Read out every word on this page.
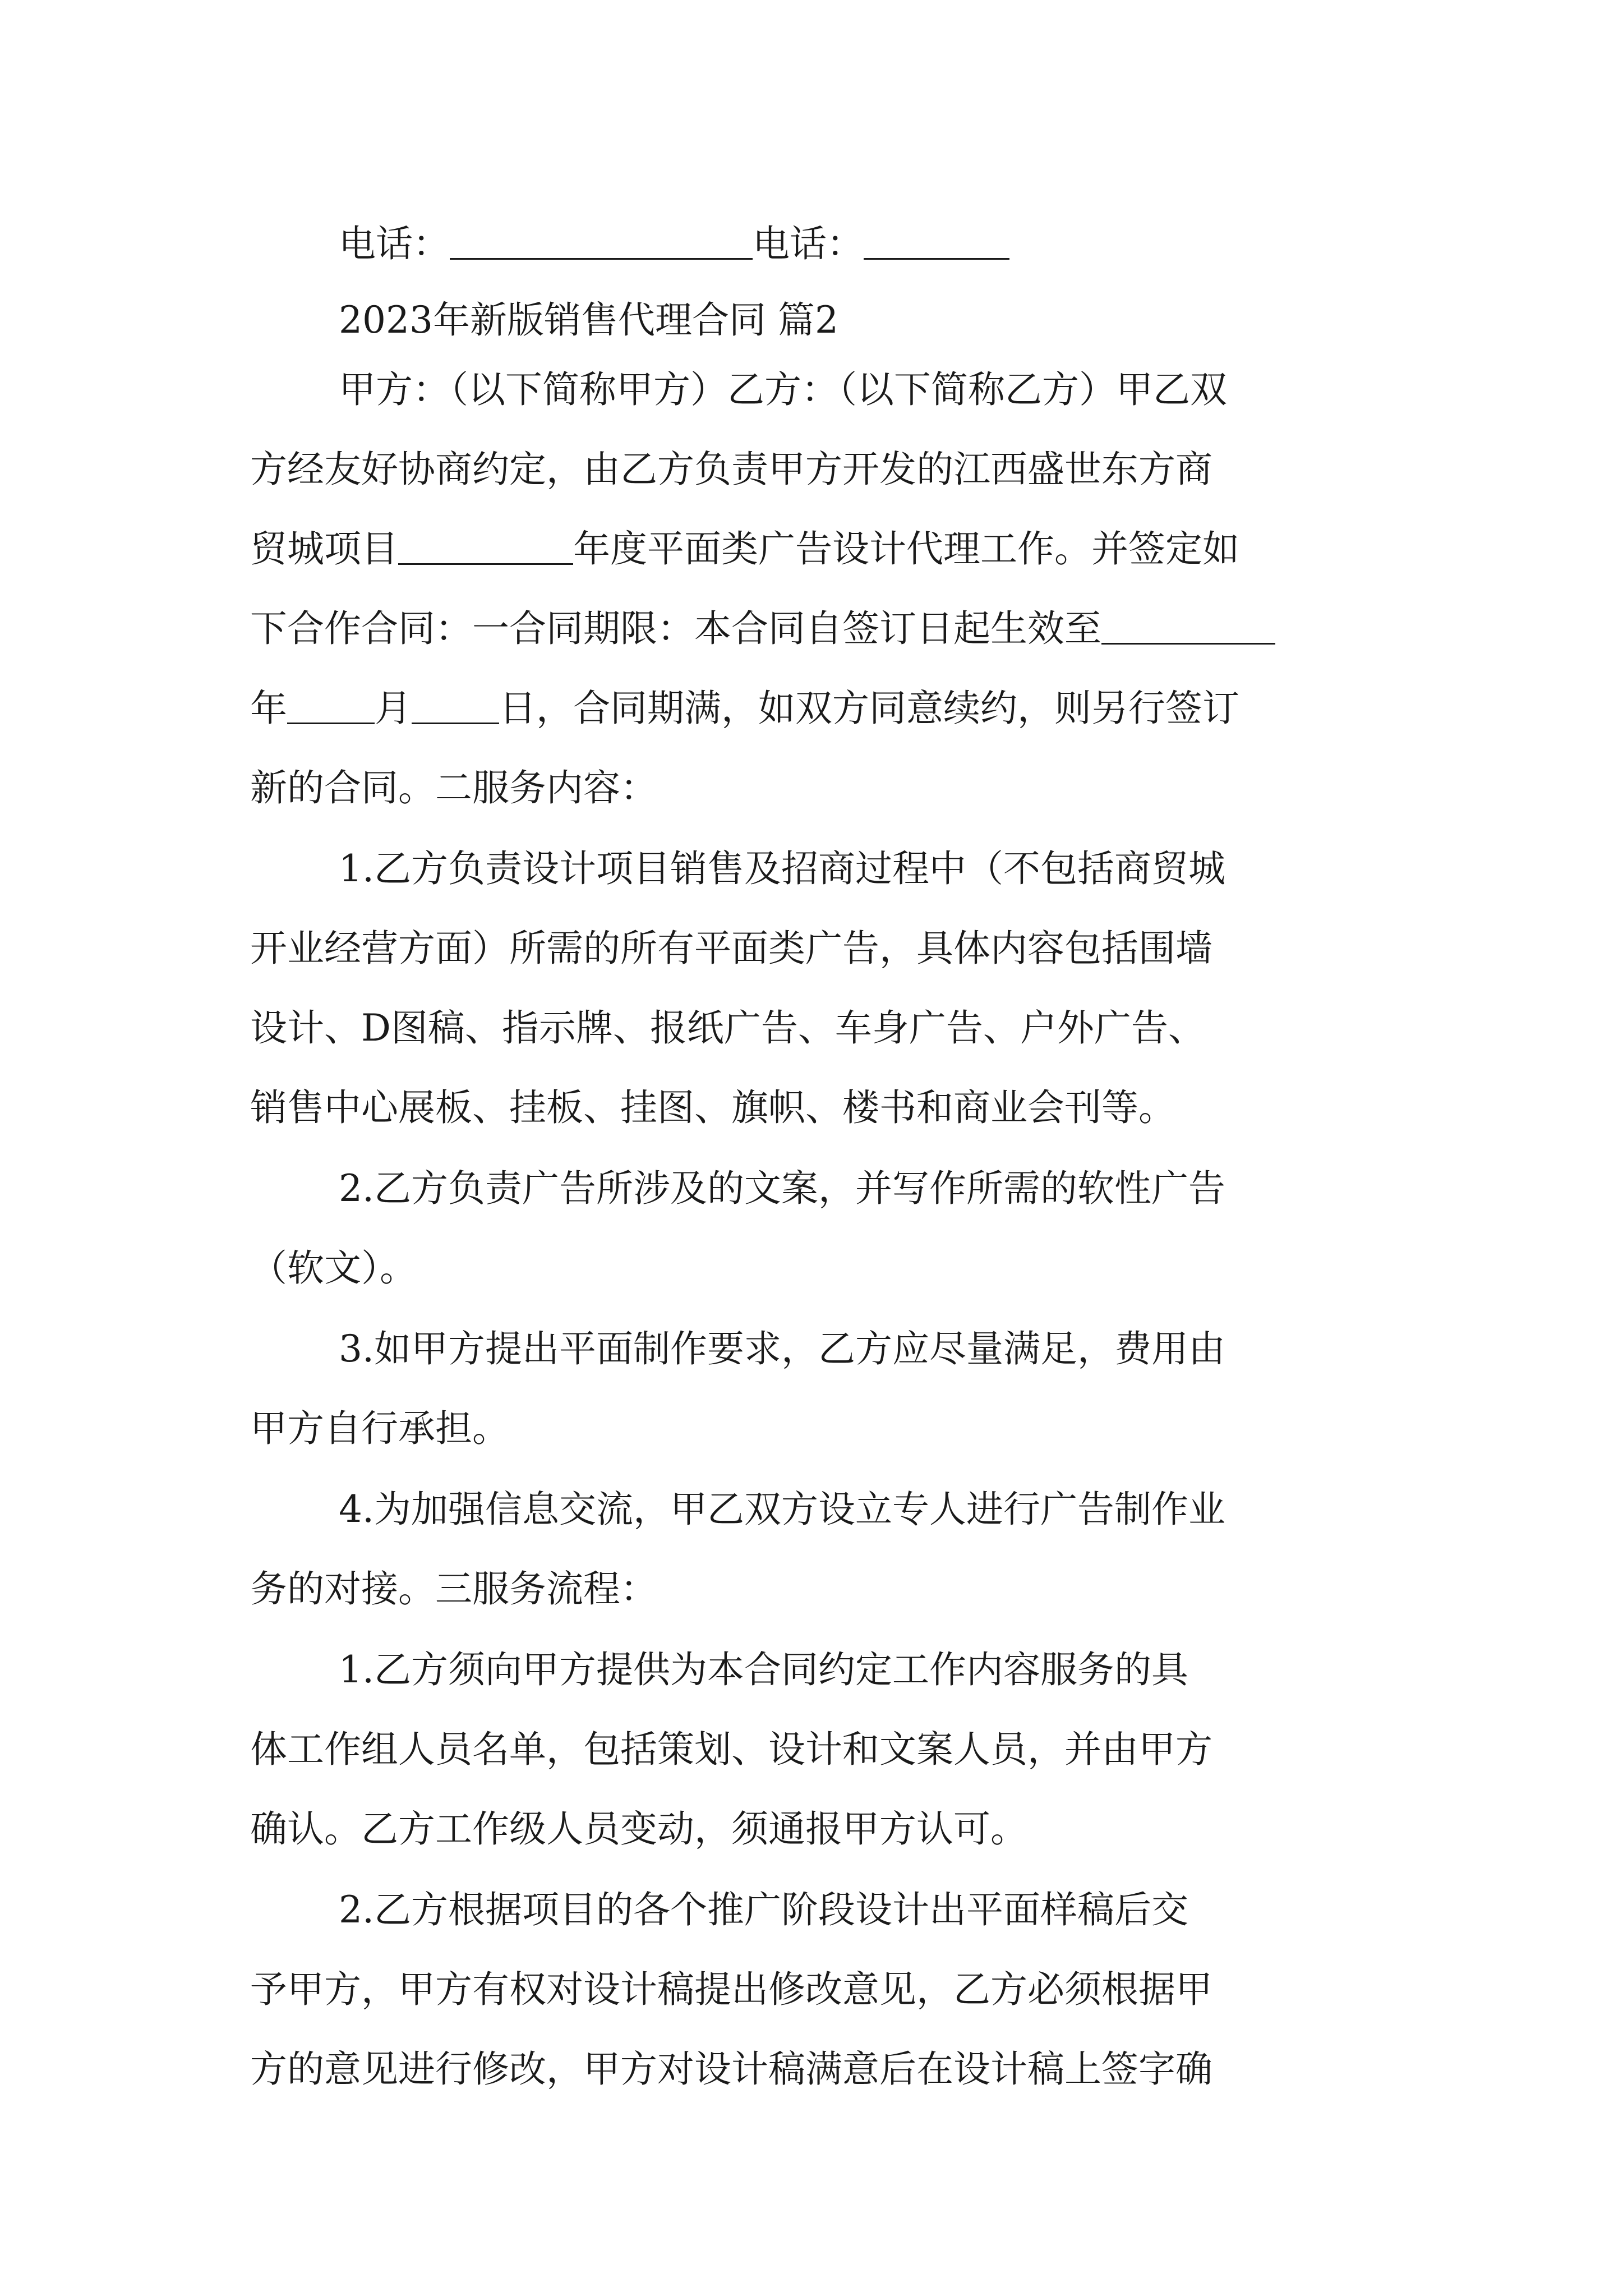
电话：	电话：
2023年新版销售代理合同 篇2
甲方：（以下简称甲方）乙方：（以下简称乙方）甲乙双
方经友好协商约定，由乙方负责甲方开发的江西盛世东方商
贸城项目	年度平面类广告设计代理工作。并签定如
下合作合同：一合同期限：本合同自签订日起生效至
年 月 日，合同期满，如双方同意续约，则另行签订
新的合同。二服务内容：
1.乙方负责设计项目销售及招商过程中（不包括商贸城
开业经营方面）所需的所有平面类广告，具体内容包括围墙
设计、D图稿、指示牌、报纸广告、车身广告、户外广告、
销售中心展板、挂板、挂图、旗帜、楼书和商业会刊等。
2.乙方负责广告所涉及的文案，并写作所需的软性广告
（软文）。
3.如甲方提出平面制作要求，乙方应尽量满足，费用由
甲方自行承担。
4.为加强信息交流，甲乙双方设立专人进行广告制作业
务的对接。三服务流程：
1.乙方须向甲方提供为本合同约定工作内容服务的具
体工作组人员名单，包括策划、设计和文案人员，并由甲方
确认。乙方工作级人员变动，须通报甲方认可。
2.乙方根据项目的各个推广阶段设计出平面样稿后交
予甲方，甲方有权对设计稿提出修改意见，乙方必须根据甲
方的意见进行修改，甲方对设计稿满意后在设计稿上签字确
